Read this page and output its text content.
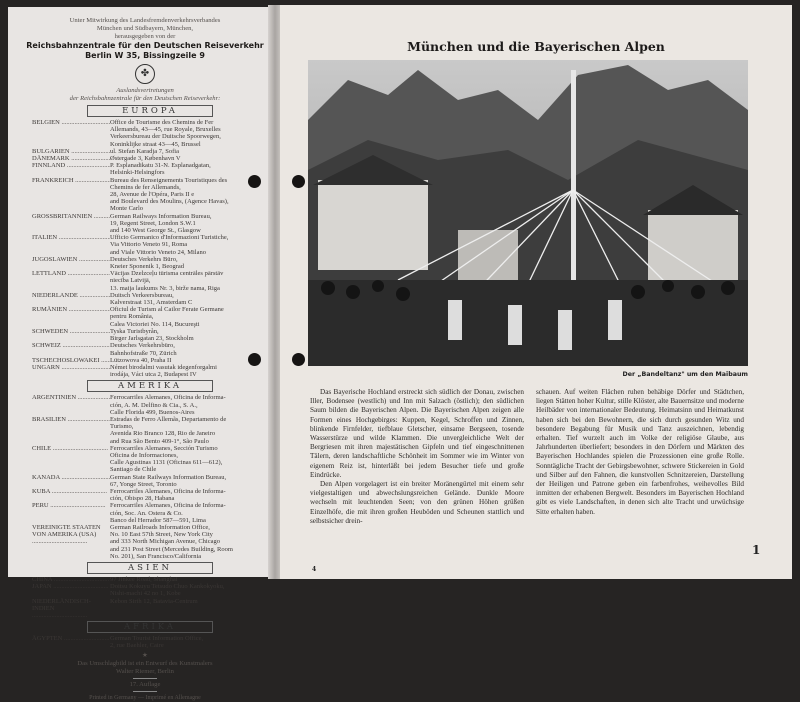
Unter Mitwirkung des Landesfremdenverkehrsverbandes
München und Südbayern, München,
herausgegeben von der
Reichsbahnzentrale für den Deutschen Reiseverkehr
Berlin W 35, Bissingzeile 9
✤
Auslandsvertretungen
der Reichsbahnzentrale für den Deutschen Reiseverkehr:
EUROPA
BELGIEN .....	Office de Tourisme des Chemins de Fer
Allemands, 43—45, rue Royale, Bruxelles
Verkeersbureau der Duitsche Spoorwegen,
Koninklijke straat 43—45, Brussel
BULGARIEN .....	ul. Stefan Karadja 7, Sofia
DÄNEMARK .....	Østergade 3, København V
FINNLAND .....	P. Esplanadikatu 31-N. Esplanadgatan,
Helsinki-Helsingfors
FRANKREICH .....	Bureau des Renseignements Touristiques des
Chemins de fer Allemands,
28, Avenue de l'Opéra, Paris II e
and Boulevard des Moulins, (Agence Havas),
Monte Carlo
GROSSBRITANNIEN .....	German Railways Information Bureau,
19, Regent Street, London S.W.1
and 140 West George St., Glasgow
ITALIEN .....	Ufficio Germanico d'Informazioni Turistiche,
Via Vittorio Veneto 91, Roma
and Viale Vittorio Veneto 24, Milano
JUGOSLAWIEN .....	Deutsches Verkehrs Büro,
Kneier Sponenik 1, Beograd
LETTLAND .....	Vācijas Dzelzceļu tūrisma centrāles pārstāv
niecība Latvijā,
13. maija laukums Nr. 3, birže nama, Riga
NIEDERLANDE .....	Duitsch Verkeersbureau,
Kalverstraat 131, Amsterdam C
RUMÄNIEN .....	Oficiul de Turism al Cailor Ferate Germane
pentru România,
Calea Victoriei No. 114, Bucureşti
SCHWEDEN .....	Tyska Turistbyrån,
Birger Jarlsgatan 23, Stockholm
SCHWEIZ .....	Deutsches Verkehrsbüro,
Bahnhofstraße 70, Zürich
TSCHECHOSLOWAKEI .....	Lützowova 40, Praha II
UNGARN .....	Német birodalmi vasutak idegenforgalmi
irodája, Váci utca 2, Budapest IV
AMERIKA
ARGENTINIEN .....	Ferrocarriles Alemanes, Oficina de Informa-
ción, A. M. Delfino & Cia., S. A.,
Calle Florida 499, Buenos-Aires
BRASILIEN .....	Estradas de Ferro Allemãs, Departamento de
Turismo,
Avenida Rio Branco 128, Rio de Janeiro
and Rua São Bento 409-1°, São Paulo
CHILE .....	Ferrocarriles Alemanes, Sección Turismo
Oficina de Informaciones,
Calle Agustinas 1131 (Oficinas 611—612),
Santiago de Chile
KANADA .....	German State Railways Information Bureau,
67, Yonge Street, Toronto
KUBA .....	Ferrocarriles Alemanes, Oficina de Informa-
ción, Obispo 28, Habana
PERU .....	Ferrocarriles Alemanes, Oficina de Informa-
ción, Soc. An. Ostera & Co.
Banco del Herrador 587—591, Lima
VEREINIGTE STAATEN VON AMERIKA (USA) .....
German Railroads Information Office,
No. 10 East 57th Street, New York City
and 333 North Michigan Avenue, Chicago
and 231 Post Street (Mercedes Building, Room
No. 201), San Francisco/California
ASIEN
CHINA .....	97 Jinkee Road, Shanghai
JAPAN .....	Doitsu Kokuyu Tetsudo Chuo Kankokyoku,
Nishi-machi 42 no 1, Kobe
NIEDERLÄNDISCH-INDIEN .....
Kebon Sirih 12, Batavia-Centrum
AFRIKA
ÄGYPTEN .....	German Tourist Information Office,
2, rue Baehler, Caire
★
Das Umschlagbild ist ein Entwurf des Kunstmalers
Walter Riemer, Berlin
17. Auflage
Printed in Germany — Imprimé en Allemagne
München und die Bayerischen Alpen
Der „Bandeltanz" um den Maibaum

Das Bayerische Hochland erstreckt sich südlich der Donau, zwischen Iller, Bodensee (westlich) und Inn mit Salzach (östlich); den südlichen Saum bilden die Bayerischen Alpen. Die Bayerischen Alpen zeigen alle Formen eines Hochgebirges: Kuppen, Kegel, Schroffen und Zinnen, blinkende Firnfelder, tiefblaue Gletscher, einsame Bergseen, tosende Wasserstürze und wilde Klammen. Die unvergleichliche Welt der Bergriesen mit ihren majestätischen Gipfeln und tief eingeschnittenen Tälern, deren landschaftliche Schönheit im Sommer wie im Winter von eigenem Reiz ist, hinterläßt bei jedem Besucher tiefe und große Eindrücke.

Den Alpen vorgelagert ist ein breiter Moränengürtel mit einem sehr vielgestaltigen und abwechslungsreichen Gelände. Dunkle Moore wechseln mit leuchtenden Seen; von den grünen Höhen grüßen Einzelhöfe, die mit ihren großen Heuböden und Scheunen stattlich und selbstsicher drein-

schauen. Auf weiten Flächen ruhen behäbige Dörfer und Städtchen, liegen Stätten hoher Kultur, stille Klöster, alte Bauernsitze und moderne Heilbäder von internationaler Bedeutung. Heimatsinn und Heimatkunst haben sich bei den Bewohnern, die sich durch gesunden Witz und besondere Begabung für Musik und Tanz auszeichnen, lebendig erhalten. Tief wurzelt auch im Volke der religiöse Glaube, aus Jahrhunderten überliefert; besonders in den Dörfern und Märkten des Bayerischen Hochlandes spielen die Prozessionen eine große Rolle. Sonntägliche Tracht der Gebirgsbewohner, schwere Stickereien in Gold und Silber auf den Fahnen, die kunstvollen Schnitzereien, Darstellung der Heiligen und Patrone geben ein farbenfrohes, weihevolles Bild inmitten der erhabenen Bergwelt. Besonders im Bayerischen Hochland gibt es viele Landschaften, in denen sich alte Tracht und urwüchsige Sitte erhalten haben.

4
1
